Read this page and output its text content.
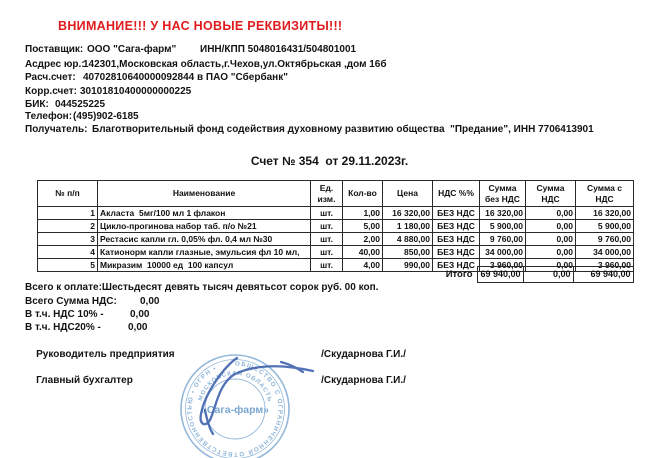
ВНИМАНИЕ!!! У НАС НОВЫЕ РЕКВИЗИТЫ!!!
Поставщик: ООО "Сага-фарм"	ИНН/КПП 5048016431/504801001
Асдрес юр.:
142301,Московская область,г.Чехов,ул.Октябрьская ,дом 16б
Расч.счет: 40702810640000092844 в ПАО "Сбербанк"
Корр.счет: 30101810400000000225
БИК: 044525225
Телефон: (495)902-6185
Получатель: Благотворительный фонд содействия духовному развитию общества  "Предание", ИНН 7706413901
Счет № 354  от 29.11.2023г.
№ п/п	Наименование	Ед. изм.	Кол-во	Цена	НДС %%	Сумма без НДС	Сумма НДС	Сумма с НДС
1	Акласта  5мг/100 мл 1 флакон	шт.	1,00	16 320,00	БЕЗ НДС	16 320,00	0,00	16 320,00
2	Цикло-прогинова набор таб. п/о №21	шт.	5,00	1 180,00	БЕЗ НДС	5 900,00	0,00	5 900,00
3	Рестасис капли гл. 0,05% фл. 0,4 мл №30	шт.	2,00	4 880,00	БЕЗ НДС	9 760,00	0,00	9 760,00
4	Катионорм капли глазные, эмульсия фл 10 мл,	шт.	40,00	850,00	БЕЗ НДС	34 000,00	0,00	34 000,00
5	Микразим  10000 ед  100 капсул	шт.	4,00	990,00	БЕЗ НДС	3 960,00	0,00	3 960,00
Итого	69 940,00	0,00	69 940,00
Всего к оплате: Шестьдесят девять тысяч девятьсот сорок руб. 00 коп.
Всего Сумма НДС:	0,00
В т.ч. НДС 10% -	0,00
В т.ч. НДС20% -	0,00

Руководитель предприятия	/Скударнова Г.И./

Главный бухгалтер	/Скударнова Г.И./

ОБЩЕСТВО С ОГРАНИЧЕННОЙ ОТВЕТСТВЕННОСТЬЮ • ОГРН •
МОСКОВСКАЯ ОБЛАСТЬ
«Сага-фарм»
